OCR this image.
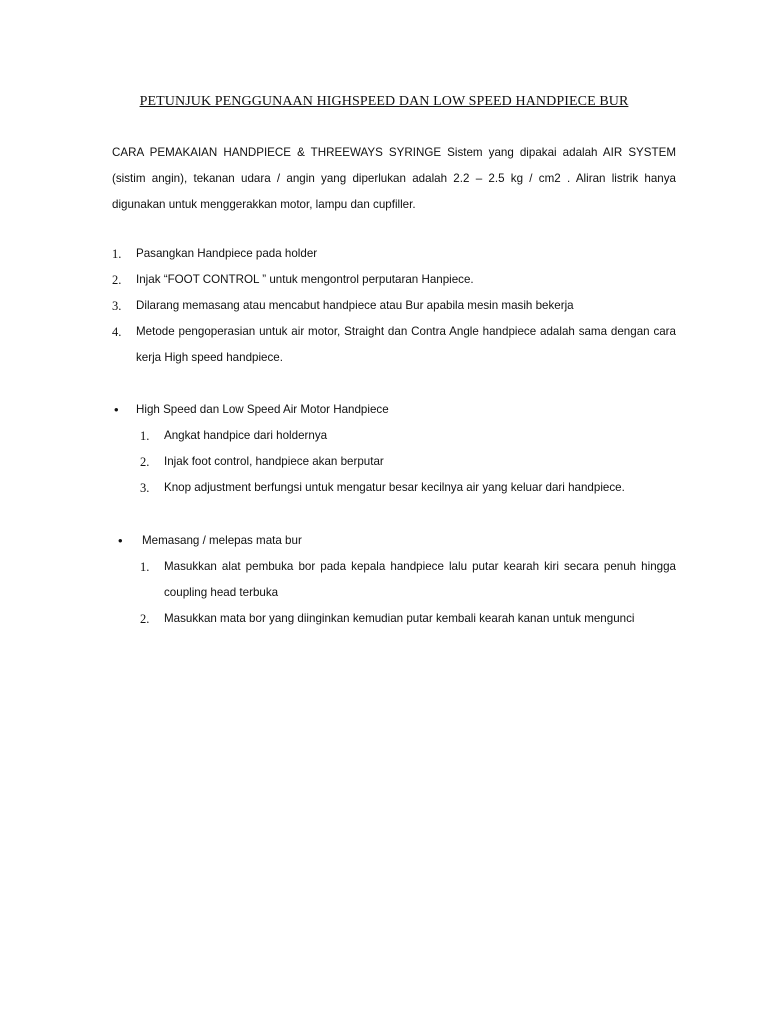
PETUNJUK PENGGUNAAN HIGHSPEED DAN LOW SPEED HANDPIECE BUR
CARA PEMAKAIAN HANDPIECE & THREEWAYS SYRINGE Sistem yang dipakai adalah AIR SYSTEM (sistim angin), tekanan udara / angin yang diperlukan adalah 2.2 – 2.5 kg / cm2 . Aliran listrik hanya digunakan untuk menggerakkan motor, lampu dan cupfiller.
1. Pasangkan Handpiece pada holder
2. Injak “FOOT CONTROL ” untuk mengontrol perputaran Hanpiece.
3. Dilarang memasang atau mencabut handpiece atau Bur apabila mesin masih bekerja
4. Metode pengoperasian untuk air motor, Straight dan Contra Angle handpiece adalah sama dengan cara kerja High speed handpiece.
• High Speed dan Low Speed Air Motor Handpiece
1. Angkat handpice dari holdernya
2. Injak foot control, handpiece akan berputar
3. Knop adjustment berfungsi untuk mengatur besar kecilnya air yang keluar dari handpiece.
• Memasang / melepas mata bur
1. Masukkan alat pembuka bor pada kepala handpiece lalu putar kearah kiri secara penuh hingga coupling head terbuka
2. Masukkan mata bor yang diinginkan kemudian putar kembali kearah kanan untuk mengunci
